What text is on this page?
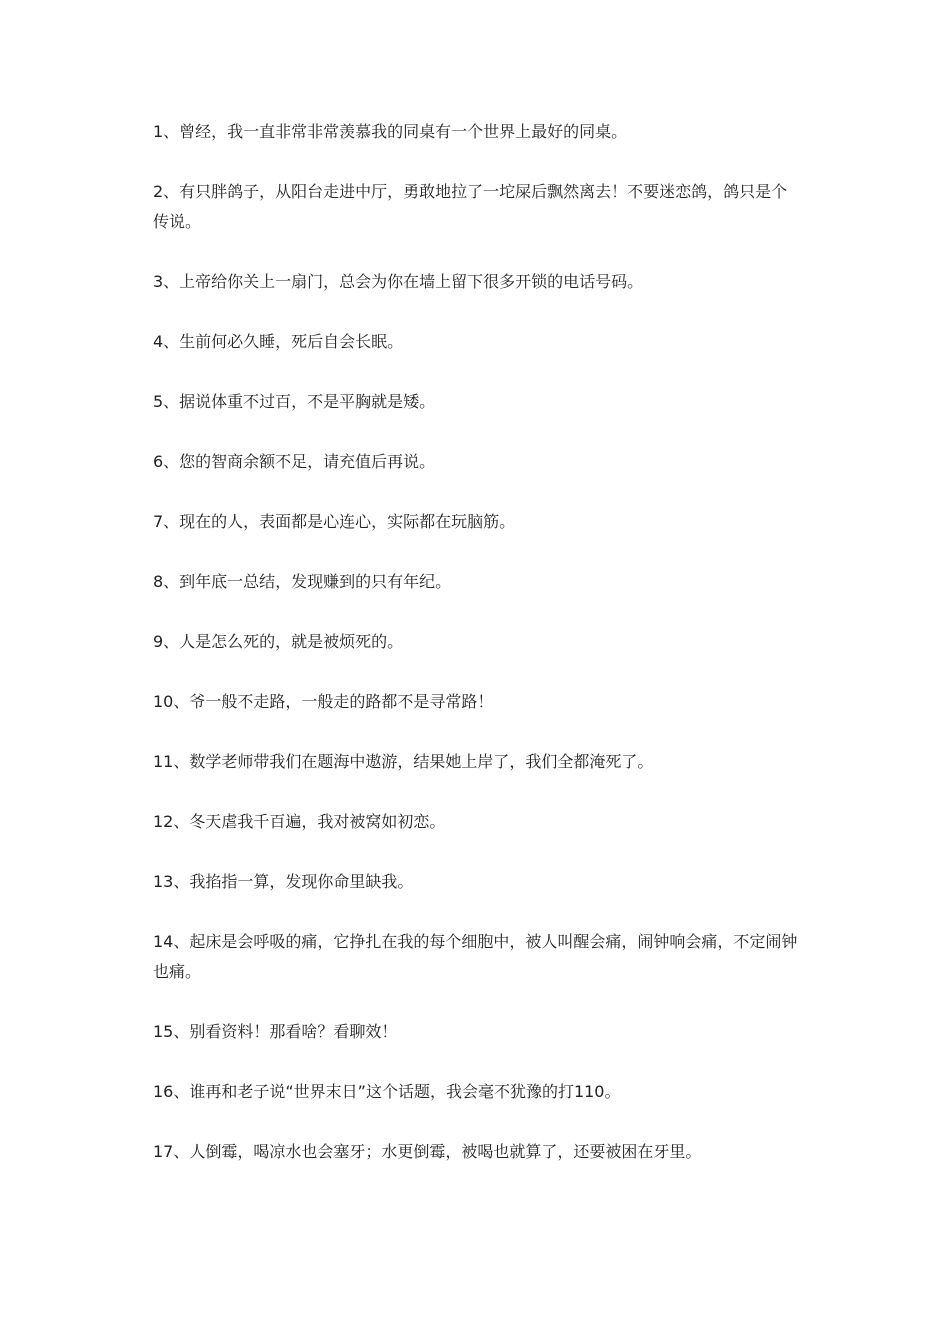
1、曾经，我一直非常非常羡慕我的同桌有一个世界上最好的同桌。

2、有只胖鸽子，从阳台走进中厅，勇敢地拉了一坨屎后飘然离去！不要迷恋鸽，鸽只是个传说。

3、上帝给你关上一扇门，总会为你在墙上留下很多开锁的电话号码。

4、生前何必久睡，死后自会长眠。

5、据说体重不过百，不是平胸就是矮。

6、您的智商余额不足，请充值后再说。

7、现在的人，表面都是心连心，实际都在玩脑筋。

8、到年底一总结，发现赚到的只有年纪。

9、人是怎么死的，就是被烦死的。

10、爷一般不走路，一般走的路都不是寻常路！

11、数学老师带我们在题海中遨游，结果她上岸了，我们全都淹死了。

12、冬天虐我千百遍，我对被窝如初恋。

13、我掐指一算，发现你命里缺我。

14、起床是会呼吸的痛，它挣扎在我的每个细胞中，被人叫醒会痛，闹钟响会痛，不定闹钟也痛。

15、别看资料！那看啥？看聊效！

16、谁再和老子说“世界末日”这个话题，我会毫不犹豫的打110。

17、人倒霉，喝凉水也会塞牙；水更倒霉，被喝也就算了，还要被困在牙里。
